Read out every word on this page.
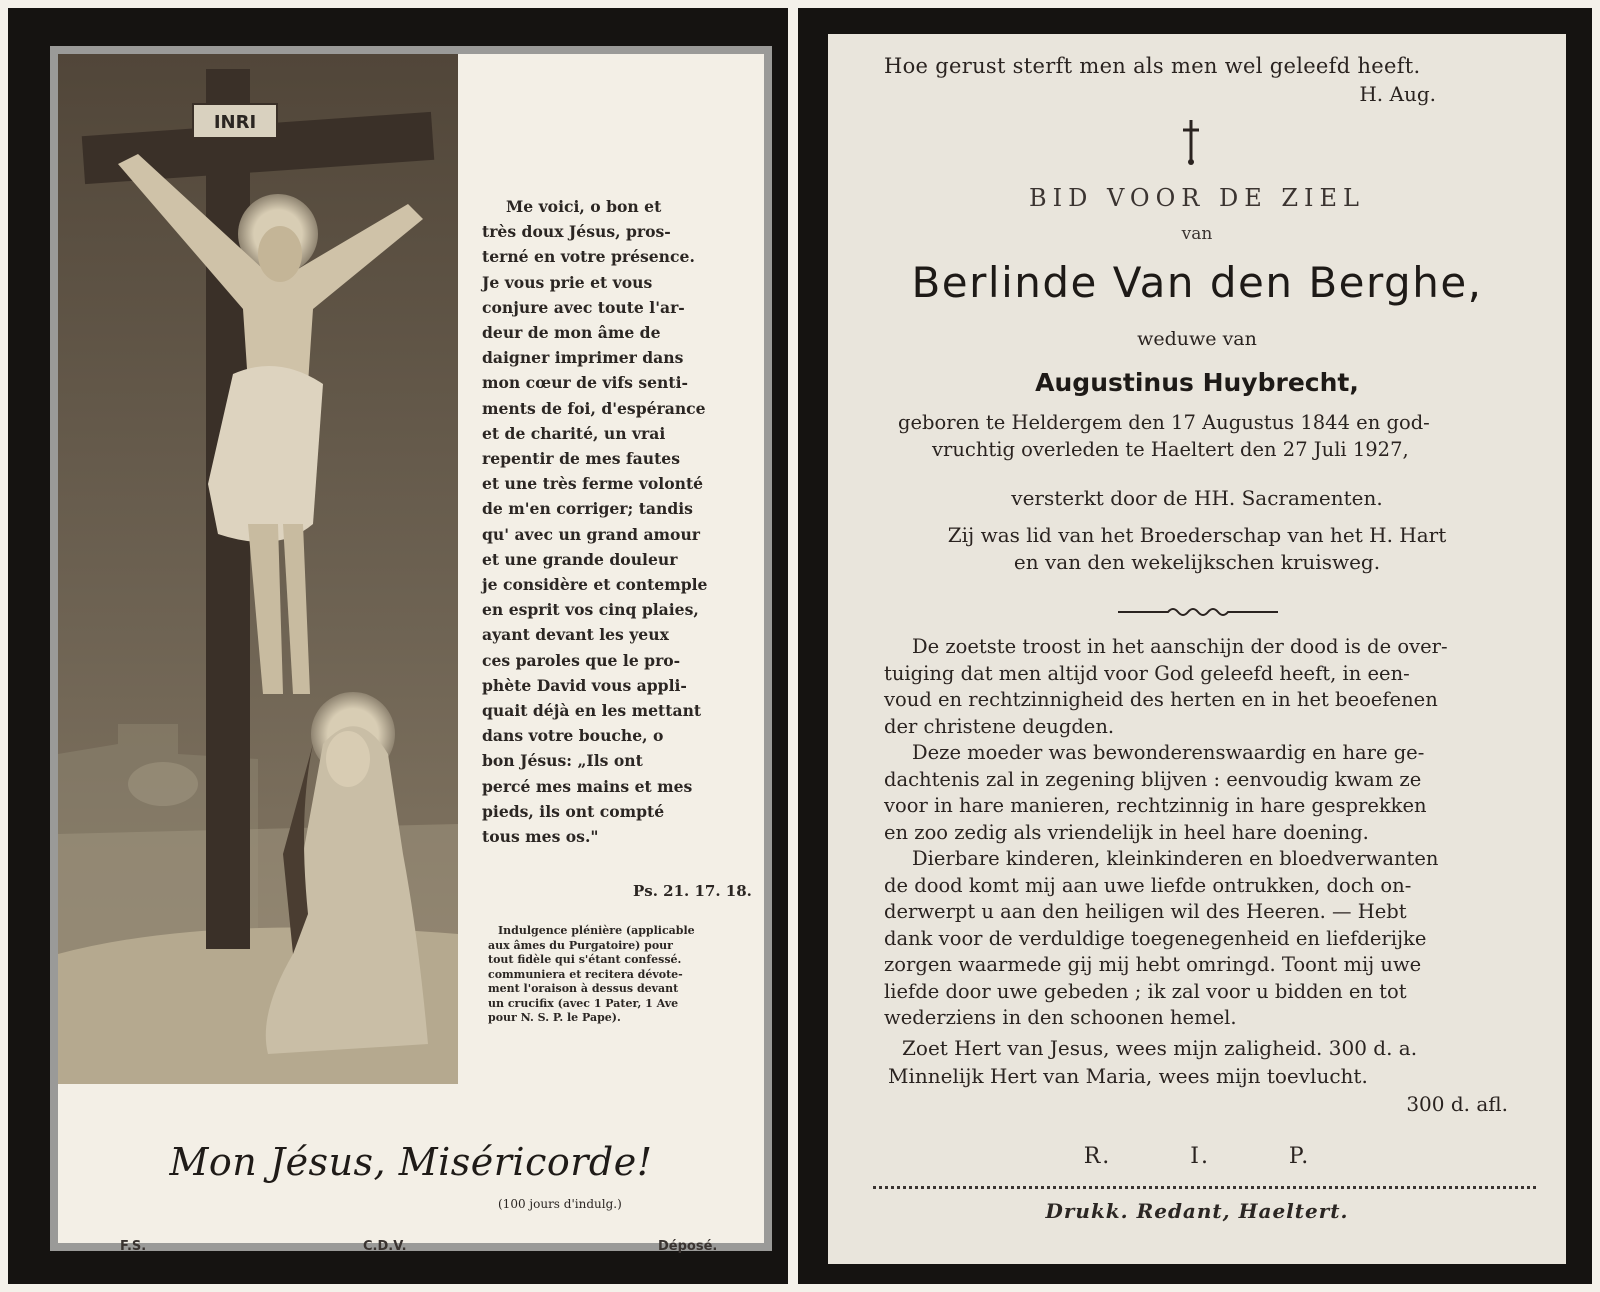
INRI

Me voici, o bon et

très doux Jésus, pros-

terné en votre présence.

Je vous prie et vous

conjure avec toute l'ar-

deur de mon âme de

daigner imprimer dans

mon cœur de vifs senti-

ments de foi, d'espérance

et de charité, un vrai

repentir de mes fautes

et une très ferme volonté

de m'en corriger; tandis

qu' avec un grand amour

et une grande douleur

je considère et contemple

en esprit vos cinq plaies,

ayant devant les yeux

ces paroles que le pro-

phète David vous appli-

quait déjà en les mettant

dans votre bouche, o

bon Jésus: „Ils ont

percé mes mains et mes

pieds, ils ont compté

tous mes os."

Ps. 21. 17. 18.
Indulgence plénière (applicable
aux âmes du Purgatoire) pour
tout fidèle qui s'étant confessé.
communiera et recitera dévote-
ment l'oraison à dessus devant
un crucifix (avec 1 Pater, 1 Ave
pour N. S. P. le Pape).
Mon Jésus, Miséricorde!
(100 jours d'indulg.)
F.S.	C.D.V.	Déposé.
Hoe gerust sterft men als men wel geleefd heeft.
H. Aug.
BID VOOR DE ZIEL
van
Berlinde Van den Berghe,
weduwe van
Augustinus Huybrecht,

geboren te Heldergem den 17 Augustus 1844 en god-

vruchtig overleden te Haeltert den 27 Juli 1927,

versterkt door de HH. Sacramenten.
Zij was lid van het Broederschap van het H. Hart
en van den wekelijkschen kruisweg.

De zoetste troost in het aanschijn der dood is de over-

tuiging dat men altijd voor God geleefd heeft, in een-

voud en rechtzinnigheid des herten en in het beoefenen

der christene deugden.

Deze moeder was bewonderenswaardig en hare ge-

dachtenis zal in zegening blijven : eenvoudig kwam ze

voor in hare manieren, rechtzinnig in hare gesprekken

en zoo zedig als vriendelijk in heel hare doening.

Dierbare kinderen, kleinkinderen en bloedverwanten

de dood komt mij aan uwe liefde ontrukken, doch on-

derwerpt u aan den heiligen wil des Heeren. — Hebt

dank voor de verduldige toegenegenheid en liefderijke

zorgen waarmede gij mij hebt omringd. Toont mij uwe

liefde door uwe gebeden ; ik zal voor u bidden en tot

wederziens in den schoonen hemel.

Zoet Hert van Jesus, wees mijn zaligheid. 300 d. a.

Minnelijk Hert van Maria, wees mijn toevlucht.

300 d. afl.
R. I. P.
Drukk. Redant, Haeltert.
